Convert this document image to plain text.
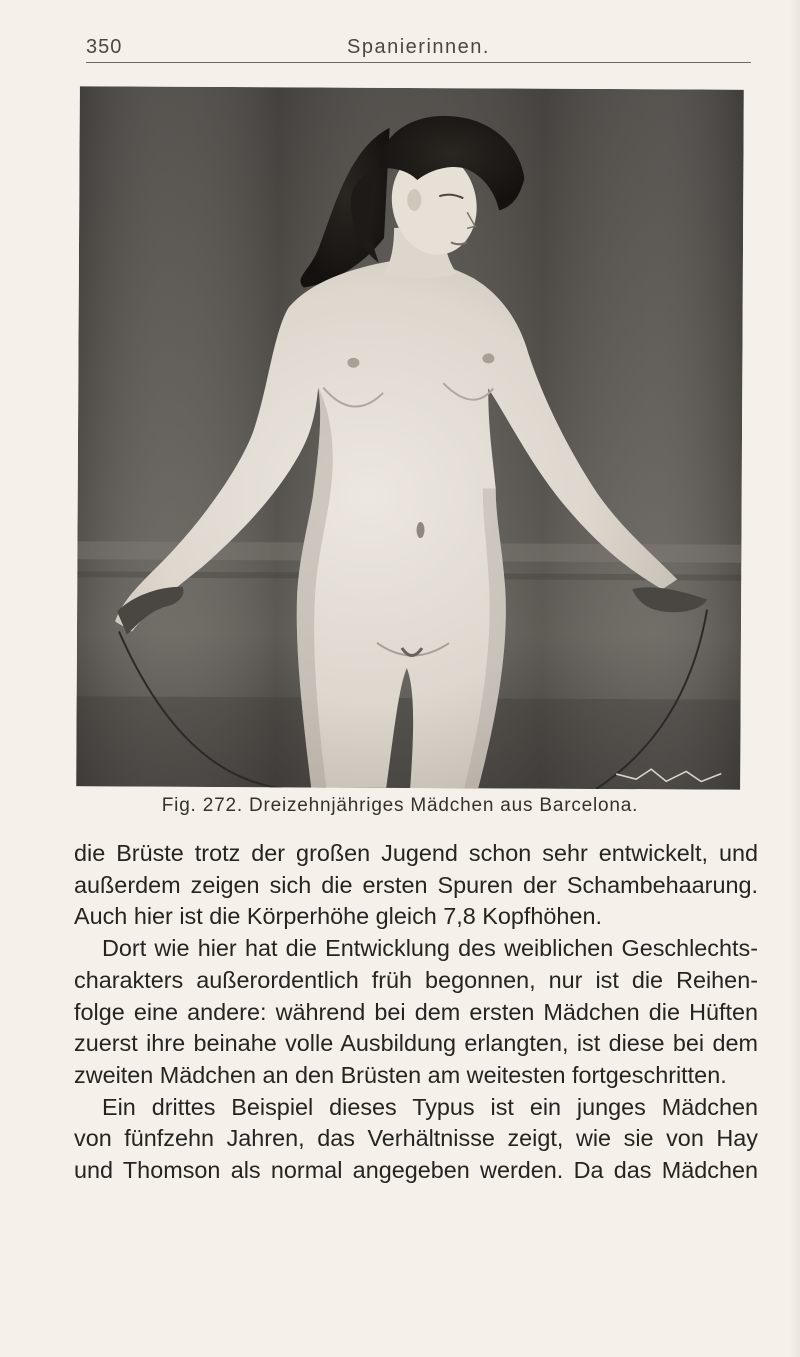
350	Spanierinnen.
Fig. 272. Dreizehnjähriges Mädchen aus Barcelona.
die Brüste trotz der großen Jugend schon sehr entwickelt, und
außerdem zeigen sich die ersten Spuren der Schambehaarung.
Auch hier ist die Körperhöhe gleich 7,8 Kopfhöhen.
Dort wie hier hat die Entwicklung des weiblichen Geschlechts-
charakters außerordentlich früh begonnen, nur ist die Reihen-
folge eine andere: während bei dem ersten Mädchen die Hüften
zuerst ihre beinahe volle Ausbildung erlangten, ist diese bei dem
zweiten Mädchen an den Brüsten am weitesten fortgeschritten.
Ein drittes Beispiel dieses Typus ist ein junges Mädchen
von fünfzehn Jahren, das Verhältnisse zeigt, wie sie von Hay
und Thomson als normal angegeben werden. Da das Mädchen
